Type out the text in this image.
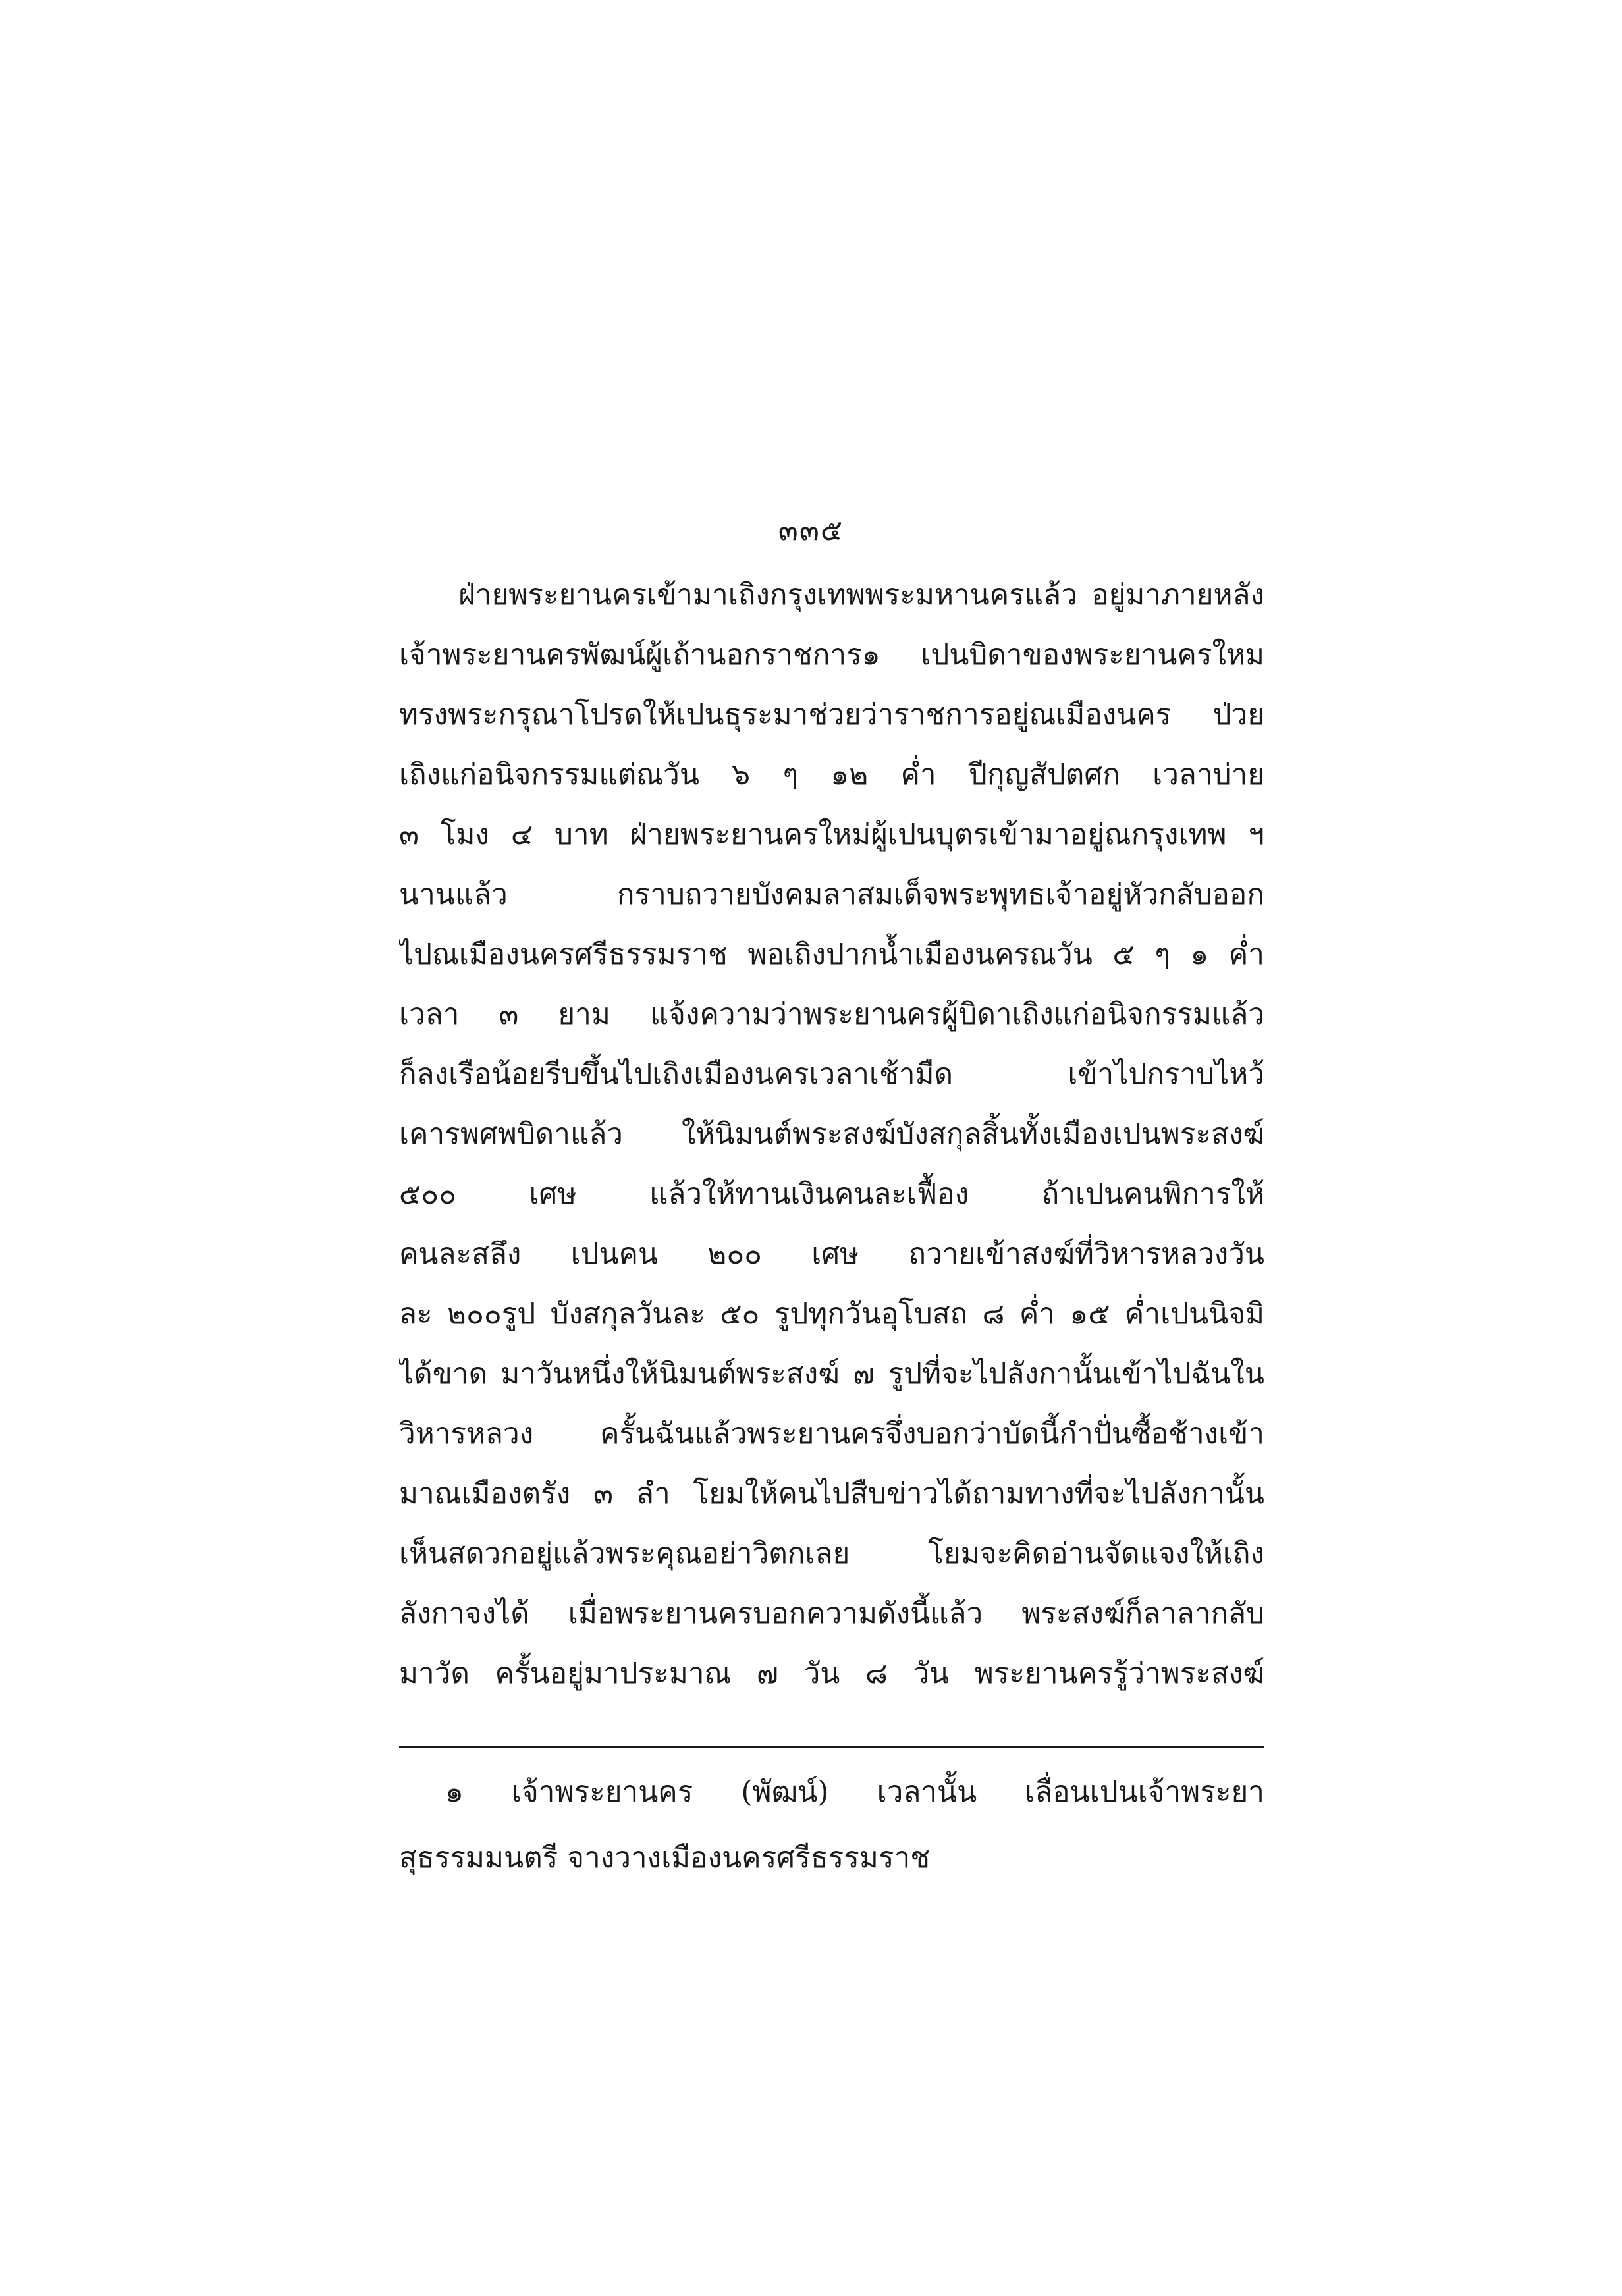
๓๓๕
ฝ่ายพระยานครเข้ามาเถิงกรุงเทพพระมหานครแล้ว อยู่มาภายหลัง
เจ้าพระยานครพัฒน์ผู้เถ้านอกราชการ๑ เปนบิดาของพระยานครใหม
ทรงพระกรุณาโปรดให้เปนธุระมาช่วยว่าราชการอยู่ณเมืองนคร ป่วย
เถิงแก่อนิจกรรมแต่ณวัน ๖ ๆ ๑๒ ค่ำ ปีกุญสัปตศก เวลาบ่าย
๓ โมง ๔ บาท ฝ่ายพระยานครใหม่ผู้เปนบุตรเข้ามาอยู่ณกรุงเทพ ฯ
นานแล้ว กราบถวายบังคมลาสมเด็จพระพุทธเจ้าอยู่หัวกลับออก
ไปณเมืองนครศรีธรรมราช พอเถิงปากน้ำเมืองนครณวัน ๕ ๆ ๑ ค่ำ
เวลา ๓ ยาม แจ้งความว่าพระยานครผู้บิดาเถิงแก่อนิจกรรมแล้ว
ก็ลงเรือน้อยรีบขึ้นไปเถิงเมืองนครเวลาเช้ามืด เข้าไปกราบไหว้
เคารพศพบิดาแล้ว ให้นิมนต์พระสงฆ์บังสกุลสิ้นทั้งเมืองเปนพระสงฆ์
๕๐๐ เศษ แล้วให้ทานเงินคนละเฟื้อง ถ้าเปนคนพิการให้
คนละสลึง เปนคน ๒๐๐ เศษ ถวายเข้าสงฆ์ที่วิหารหลวงวัน
ละ ๒๐๐รูป บังสกุลวันละ ๕๐ รูปทุกวันอุโบสถ ๘ ค่ำ ๑๕ ค่ำเปนนิจมิ
ได้ขาด มาวันหนึ่งให้นิมนต์พระสงฆ์ ๗ รูปที่จะไปลังกานั้นเข้าไปฉันใน
วิหารหลวง ครั้นฉันแล้วพระยานครจึ่งบอกว่าบัดนี้กำปั่นซื้อช้างเข้า
มาณเมืองตรัง ๓ ลำ โยมให้คนไปสืบข่าวได้ถามทางที่จะไปลังกานั้น
เห็นสดวกอยู่แล้วพระคุณอย่าวิตกเลย โยมจะคิดอ่านจัดแจงให้เถิง
ลังกาจงได้ เมื่อพระยานครบอกความดังนี้แล้ว พระสงฆ์ก็ลาลากลับ
มาวัด ครั้นอยู่มาประมาณ ๗ วัน ๘ วัน พระยานครรู้ว่าพระสงฆ์
๑ เจ้าพระยานคร (พัฒน์) เวลานั้น เลื่อนเปนเจ้าพระยา
สุธรรมมนตรี จางวางเมืองนครศรีธรรมราช
